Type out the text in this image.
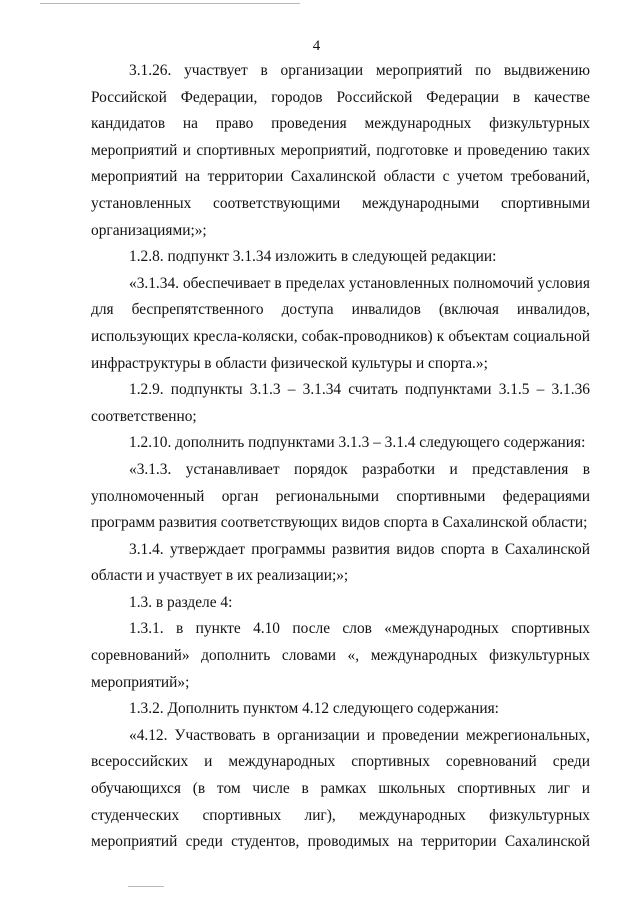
4

3.1.26. участвует в организации мероприятий по выдвижению Российской Федерации, городов Российской Федерации в качестве кандидатов на право проведения международных физкультурных мероприятий и спортивных мероприятий, подготовке и проведению таких мероприятий на территории Сахалинской области с учетом требований, установленных соответствующими международными спортивными организациями;»;

1.2.8. подпункт 3.1.34 изложить в следующей редакции:

«3.1.34. обеспечивает в пределах установленных полномочий условия для беспрепятственного доступа инвалидов (включая инвалидов, использующих кресла-коляски, собак-проводников) к объектам социальной инфраструктуры в области физической культуры и спорта.»;

1.2.9. подпункты 3.1.3 – 3.1.34 считать подпунктами 3.1.5 – 3.1.36 соответственно;

1.2.10. дополнить подпунктами 3.1.3 – 3.1.4 следующего содержания:

«3.1.3. устанавливает порядок разработки и представления в уполномоченный орган региональными спортивными федерациями программ развития соответствующих видов спорта в Сахалинской области;

3.1.4. утверждает программы развития видов спорта в Сахалинской области и участвует в их реализации;»;

1.3. в разделе 4:

1.3.1. в пункте 4.10 после слов «международных спортивных соревнований» дополнить словами «, международных физкультурных мероприятий»;

1.3.2. Дополнить пунктом 4.12 следующего содержания:

«4.12. Участвовать в организации и проведении межрегиональных, всероссийских и международных спортивных соревнований среди обучающихся (в том числе в рамках школьных спортивных лиг и студенческих спортивных лиг), международных физкультурных мероприятий среди студентов, проводимых на территории Сахалинской
